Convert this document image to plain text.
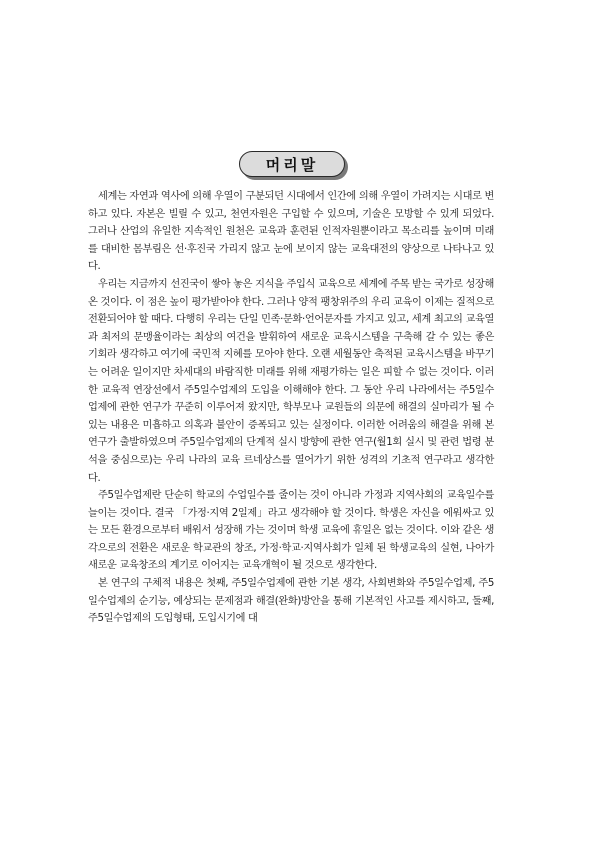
머리말

세계는 자연과 역사에 의해 우열이 구분되던 시대에서 인간에 의해 우열이 가려지는 시대로 변하고 있다. 자본은 빌릴 수 있고, 천연자원은 구입할 수 있으며, 기술은 모방할 수 있게 되었다. 그러나 산업의 유일한 지속적인 원천은 교육과 훈련된 인적자원뿐이라고 목소리를 높이며 미래를 대비한 몸부림은 선·후진국 가리지 않고 눈에 보이지 않는 교육대전의 양상으로 나타나고 있다.

우리는 지금까지 선진국이 쌓아 놓은 지식을 주입식 교육으로 세계에 주목 받는 국가로 성장해 온 것이다. 이 점은 높이 평가받아야 한다. 그러나 양적 팽창위주의 우리 교육이 이제는 질적으로 전환되어야 할 때다. 다행히 우리는 단일 민족·문화·언어문자를 가지고 있고, 세계 최고의 교육열과 최저의 문맹율이라는 최상의 여건을 발휘하여 새로운 교육시스템을 구축해 갈 수 있는 좋은 기회라 생각하고 여기에 국민적 지혜를 모아야 한다. 오랜 세월동안 축적된 교육시스템을 바꾸기는 어려운 일이지만 차세대의 바람직한 미래를 위해 재평가하는 일은 피할 수 없는 것이다. 이러한 교육적 연장선에서 주5일수업제의 도입을 이해해야 한다. 그 동안 우리 나라에서는 주5일수업제에 관한 연구가 꾸준히 이루어져 왔지만, 학부모나 교원들의 의문에 해결의 실마리가 될 수 있는 내용은 미흡하고 의혹과 불안이 증폭되고 있는 실정이다. 이러한 어려움의 해결을 위해 본 연구가 출발하였으며 주5일수업제의 단계적 실시 방향에 관한 연구(월1회 실시 및 관련 법령 분석을 중심으로)는 우리 나라의 교육 르네상스를 열어가기 위한 성격의 기초적 연구라고 생각한다.

주5일수업제란 단순히 학교의 수업일수를 줄이는 것이 아니라 가정과 지역사회의 교육일수를 늘이는 것이다. 결국 「가정·지역 2일제」라고 생각해야 할 것이다. 학생은 자신을 에워싸고 있는 모든 환경으로부터 배워서 성장해 가는 것이며 학생 교육에 휴일은 없는 것이다. 이와 같은 생각으로의 전환은 새로운 학교관의 창조, 가정·학교·지역사회가 일체 된 학생교육의 실현, 나아가 새로운 교육창조의 계기로 이어지는 교육개혁이 될 것으로 생각한다.

본 연구의 구체적 내용은 첫째, 주5일수업제에 관한 기본 생각, 사회변화와 주5일수업제, 주5일수업제의 순기능, 예상되는 문제점과 해결(완화)방안을 통해 기본적인 사고를 제시하고, 둘째, 주5일수업제의 도입형태, 도입시기에 대
